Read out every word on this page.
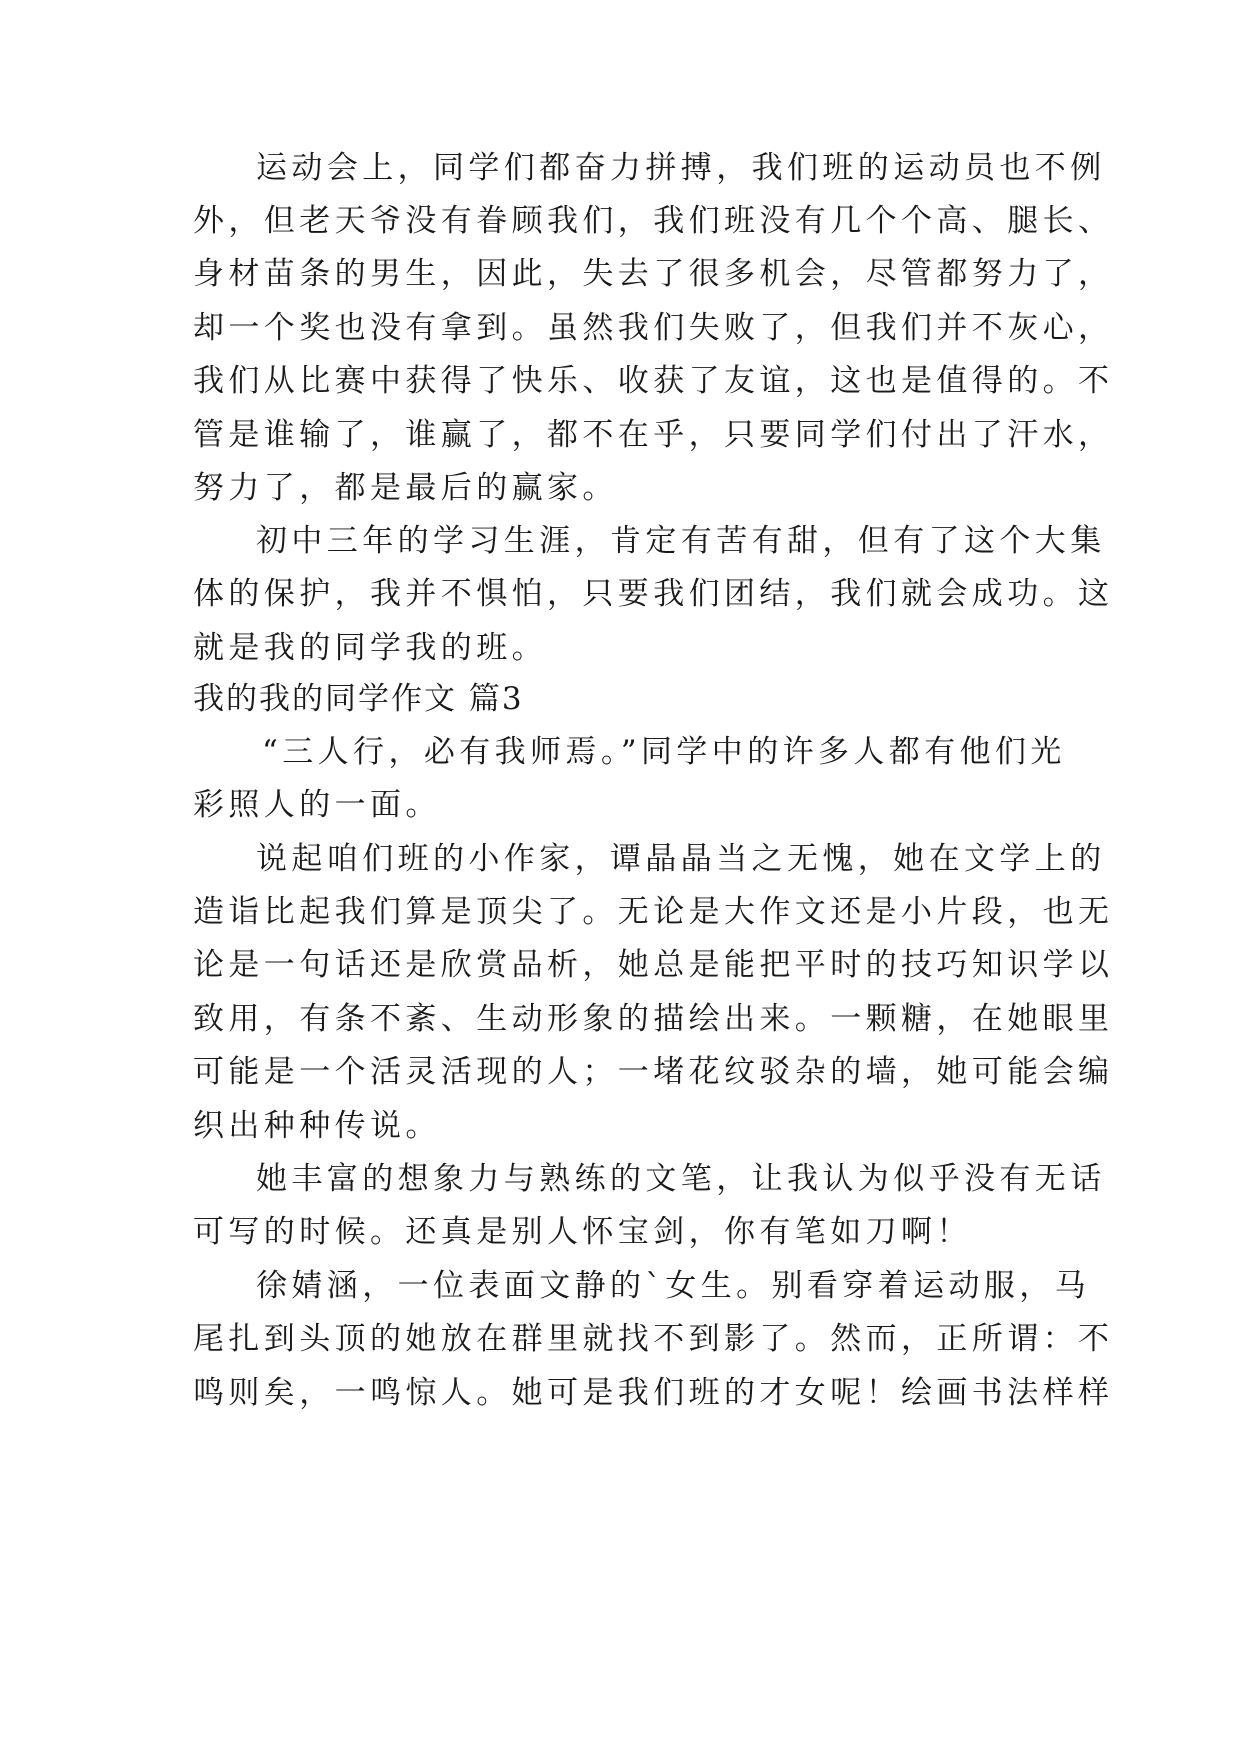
运动会上，同学们都奋力拼搏，我们班的运动员也不例
外，但老天爷没有眷顾我们，我们班没有几个个高、腿长、
身材苗条的男生，因此，失去了很多机会，尽管都努力了，
却一个奖也没有拿到。虽然我们失败了，但我们并不灰心，
我们从比赛中获得了快乐、收获了友谊，这也是值得的。不
管是谁输了，谁赢了，都不在乎，只要同学们付出了汗水，
努力了，都是最后的赢家。
初中三年的学习生涯，肯定有苦有甜，但有了这个大集
体的保护，我并不惧怕，只要我们团结，我们就会成功。这
就是我的同学我的班。
我的我的同学作文 篇3
“三人行，必有我师焉。”同学中的许多人都有他们光
彩照人的一面。
说起咱们班的小作家，谭晶晶当之无愧，她在文学上的
造诣比起我们算是顶尖了。无论是大作文还是小片段，也无
论是一句话还是欣赏品析，她总是能把平时的技巧知识学以
致用，有条不紊、生动形象的描绘出来。一颗糖，在她眼里
可能是一个活灵活现的人；一堵花纹驳杂的墙，她可能会编
织出种种传说。
她丰富的想象力与熟练的文笔，让我认为似乎没有无话
可写的时候。还真是别人怀宝剑，你有笔如刀啊！
徐婧涵，一位表面文静的`女生。别看穿着运动服，马
尾扎到头顶的她放在群里就找不到影了。然而，正所谓：不
鸣则矣，一鸣惊人。她可是我们班的才女呢！绘画书法样样
